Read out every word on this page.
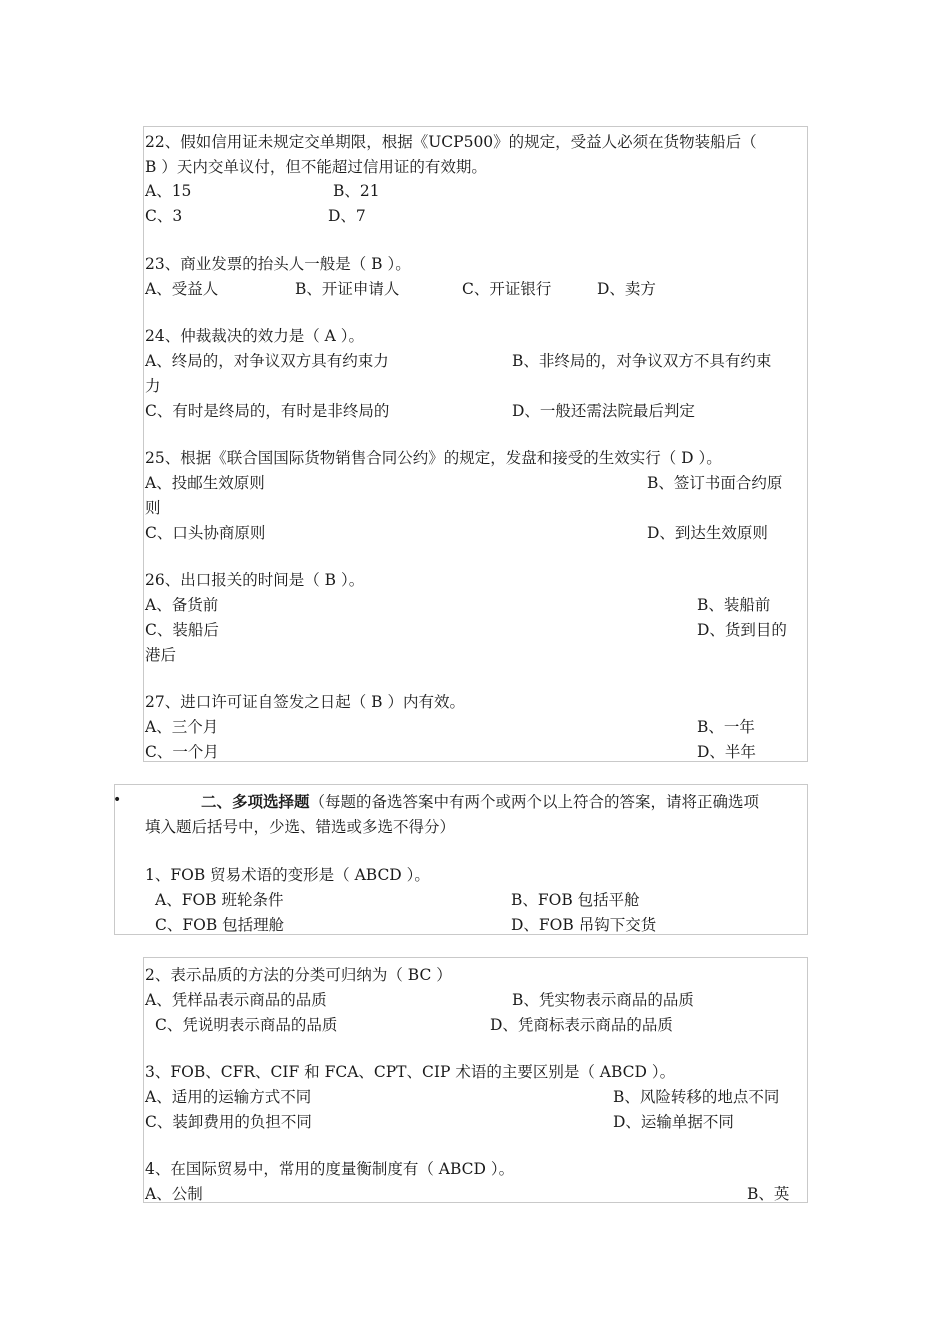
22、假如信用证未规定交单期限，根据《UCP500》的规定，受益人必须在货物装船后（
B ）天内交单议付，但不能超过信用证的有效期。
A、15	B、21
C、3	D、7
23、商业发票的抬头人一般是（ B ）。
A、受益人	B、开证申请人	C、开证银行	D、卖方
24、仲裁裁决的效力是（ A ）。
A、终局的，对争议双方具有约束力	B、非终局的，对争议双方不具有约束
力
C、有时是终局的，有时是非终局的	D、一般还需法院最后判定
25、根据《联合国国际货物销售合同公约》的规定，发盘和接受的生效实行（ D ）。
A、投邮生效原则	B、签订书面合约原
则
C、口头协商原则	D、到达生效原则
26、出口报关的时间是（ B ）。
A、备货前	B、装船前
C、装船后	D、货到目的
港后
27、进口许可证自签发之日起（ B ）内有效。
A、三个月	B、一年
C、一个月	D、半年
•	二、多项选择题（每题的备选答案中有两个或两个以上符合的答案，请将正确选项
填入题后括号中，少选、错选或多选不得分）
1、FOB 贸易术语的变形是（ ABCD ）。
A、FOB 班轮条件	B、FOB 包括平舱
C、FOB 包括理舱	D、FOB 吊钩下交货
2、表示品质的方法的分类可归纳为（ BC ）
A、凭样品表示商品的品质	B、凭实物表示商品的品质
C、凭说明表示商品的品质	D、凭商标表示商品的品质
3、FOB、CFR、CIF 和 FCA、CPT、CIP 术语的主要区别是（ ABCD ）。
A、适用的运输方式不同	B、风险转移的地点不同
C、装卸费用的负担不同	D、运输单据不同
4、在国际贸易中，常用的度量衡制度有（ ABCD ）。
A、公制	B、英
